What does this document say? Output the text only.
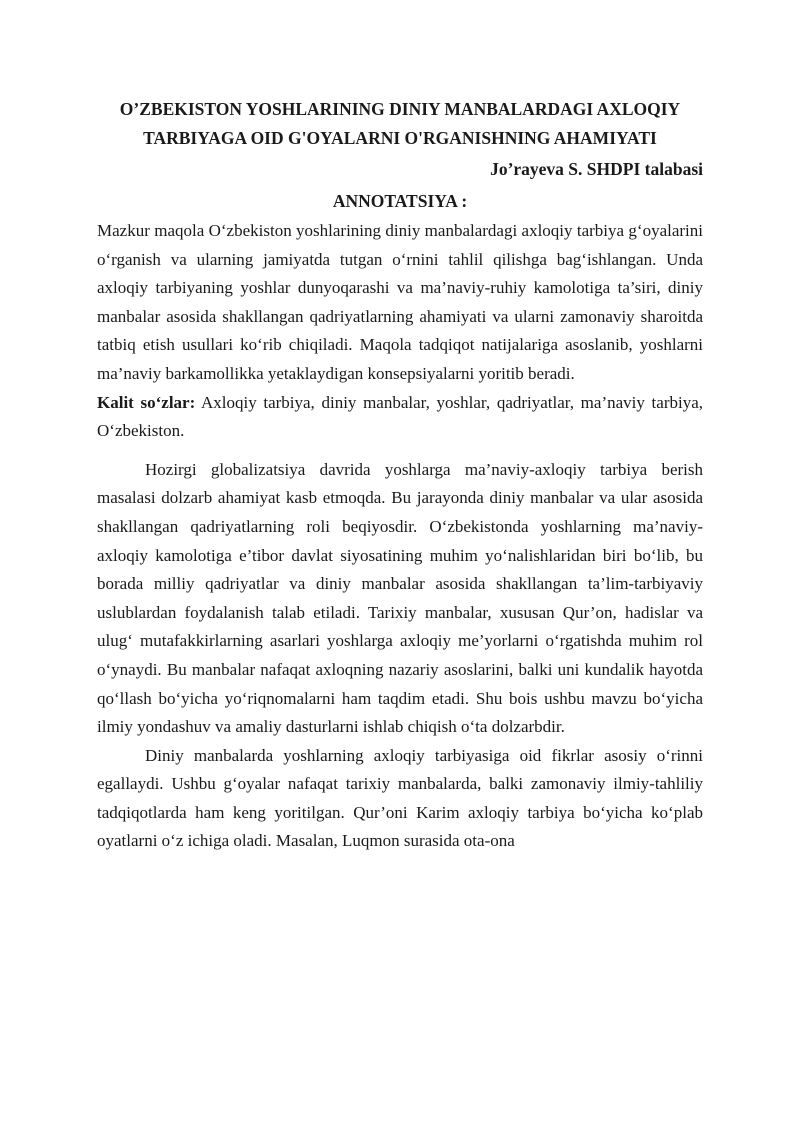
O’ZBEKISTON YOSHLARINING DINIY MANBALARDAGI AXLOQIY
TARBIYAGA OID G'OYALARNI O'RGANISHNING AHAMIYATI

Jo’rayeva S. SHDPI talabasi

ANNOTATSIYA :

Mazkur maqola O‘zbekiston yoshlarining diniy manbalardagi axloqiy tarbiya g‘oyalarini o‘rganish va ularning jamiyatda tutgan o‘rnini tahlil qilishga bag‘ishlangan. Unda axloqiy tarbiyaning yoshlar dunyoqarashi va ma’naviy-ruhiy kamolotiga ta’siri, diniy manbalar asosida shakllangan qadriyatlarning ahamiyati va ularni zamonaviy sharoitda tatbiq etish usullari ko‘rib chiqiladi. Maqola tadqiqot natijalariga asoslanib, yoshlarni ma’naviy barkamollikka yetaklaydigan konsepsiyalarni yoritib beradi.

Kalit so‘zlar: Axloqiy tarbiya, diniy manbalar, yoshlar, qadriyatlar, ma’naviy tarbiya, O‘zbekiston.

Hozirgi globalizatsiya davrida yoshlarga ma’naviy-axloqiy tarbiya berish masalasi dolzarb ahamiyat kasb etmoqda. Bu jarayonda diniy manbalar va ular asosida shakllangan qadriyatlarning roli beqiyosdir. O‘zbekistonda yoshlarning ma’naviy-axloqiy kamolotiga e’tibor davlat siyosatining muhim yo‘nalishlaridan biri bo‘lib, bu borada milliy qadriyatlar va diniy manbalar asosida shakllangan ta’lim-tarbiyaviy uslublardan foydalanish talab etiladi. Tarixiy manbalar, xususan Qur’on, hadislar va ulug‘ mutafakkirlarning asarlari yoshlarga axloqiy me’yorlarni o‘rgatishda muhim rol o‘ynaydi. Bu manbalar nafaqat axloqning nazariy asoslarini, balki uni kundalik hayotda qo‘llash bo‘yicha yo‘riqnomalarni ham taqdim etadi. Shu bois ushbu mavzu bo‘yicha ilmiy yondashuv va amaliy dasturlarni ishlab chiqish o‘ta dolzarbdir.

Diniy manbalarda yoshlarning axloqiy tarbiyasiga oid fikrlar asosiy o‘rinni egallaydi. Ushbu g‘oyalar nafaqat tarixiy manbalarda, balki zamonaviy ilmiy-tahliliy tadqiqotlarda ham keng yoritilgan. Qur’oni Karim axloqiy tarbiya bo‘yicha ko‘plab oyatlarni o‘z ichiga oladi. Masalan, Luqmon surasida ota-ona
